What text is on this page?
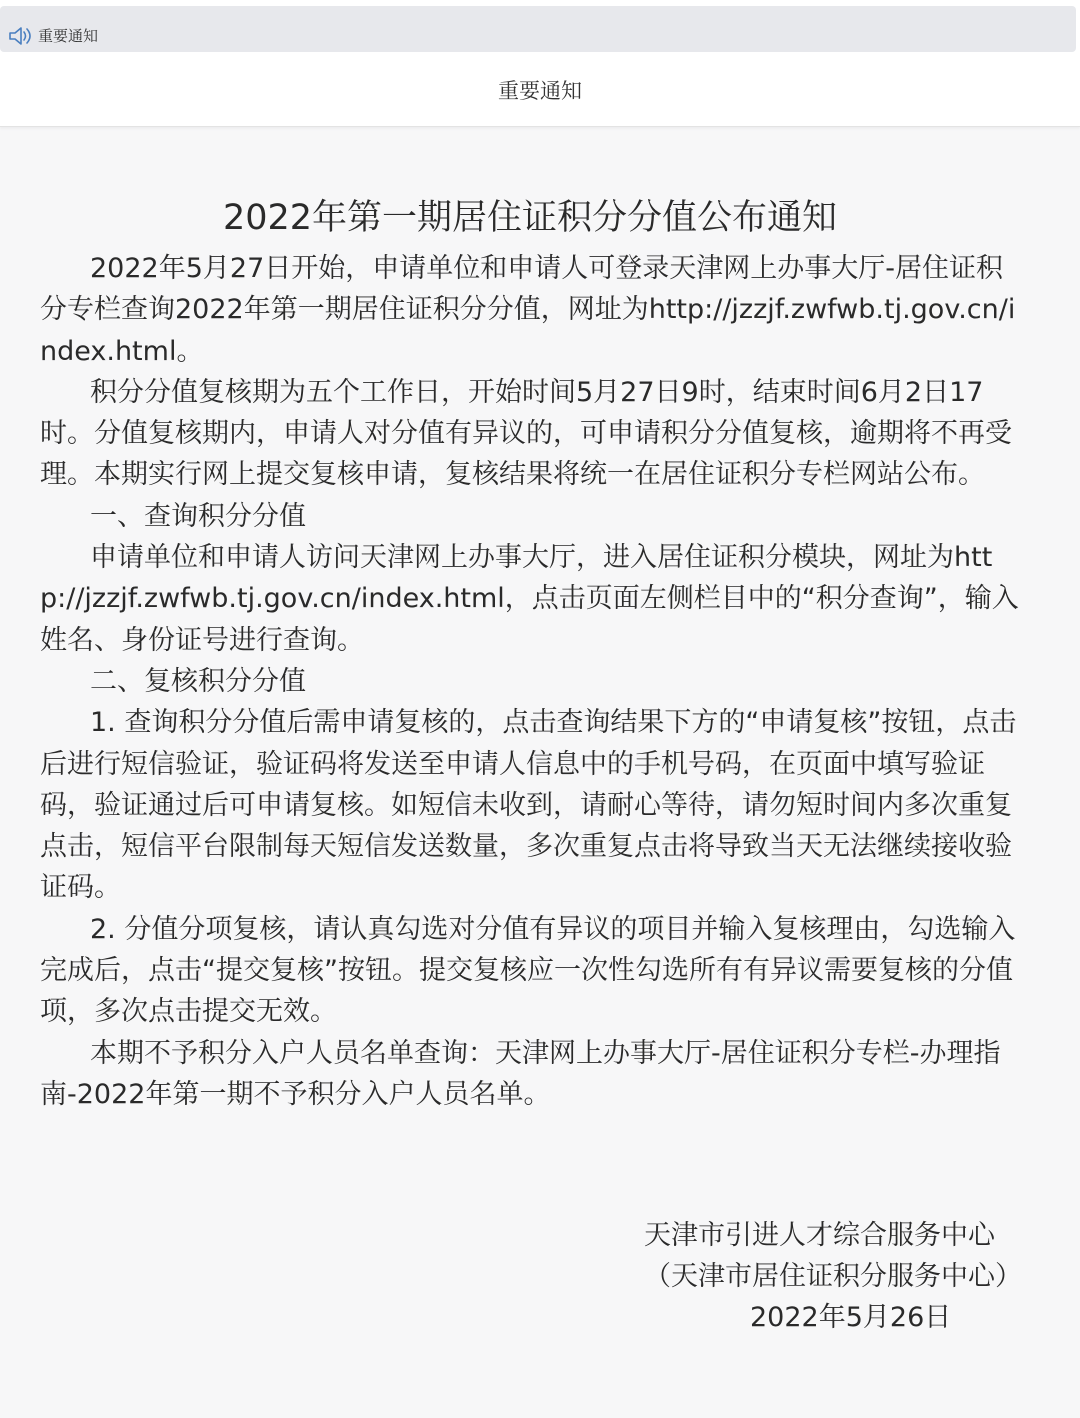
重要通知
重要通知
2022年第一期居住证积分分值公布通知

2022年5月27日开始，申请单位和申请人可登录天津网上办事大厅-居住证积分专栏查询2022年第一期居住证积分分值，网址为http://jzzjf.zwfwb.tj.gov.cn/index.html。

积分分值复核期为五个工作日，开始时间5月27日9时，结束时间6月2日17时。分值复核期内，申请人对分值有异议的，可申请积分分值复核，逾期将不再受理。本期实行网上提交复核申请，复核结果将统一在居住证积分专栏网站公布。

一、查询积分分值

申请单位和申请人访问天津网上办事大厅，进入居住证积分模块，网址为http://jzzjf.zwfwb.tj.gov.cn/index.html，点击页面左侧栏目中的“积分查询”，输入姓名、身份证号进行查询。

二、复核积分分值

1. 查询积分分值后需申请复核的，点击查询结果下方的“申请复核”按钮，点击后进行短信验证，验证码将发送至申请人信息中的手机号码，在页面中填写验证码，验证通过后可申请复核。如短信未收到，请耐心等待，请勿短时间内多次重复点击，短信平台限制每天短信发送数量，多次重复点击将导致当天无法继续接收验证码。

2. 分值分项复核，请认真勾选对分值有异议的项目并输入复核理由，勾选输入完成后，点击“提交复核”按钮。提交复核应一次性勾选所有有异议需要复核的分值项，多次点击提交无效。

本期不予积分入户人员名单查询：天津网上办事大厅-居住证积分专栏-办理指南-2022年第一期不予积分入户人员名单。

天津市引进人才综合服务中心
（天津市居住证积分服务中心）
2022年5月26日
